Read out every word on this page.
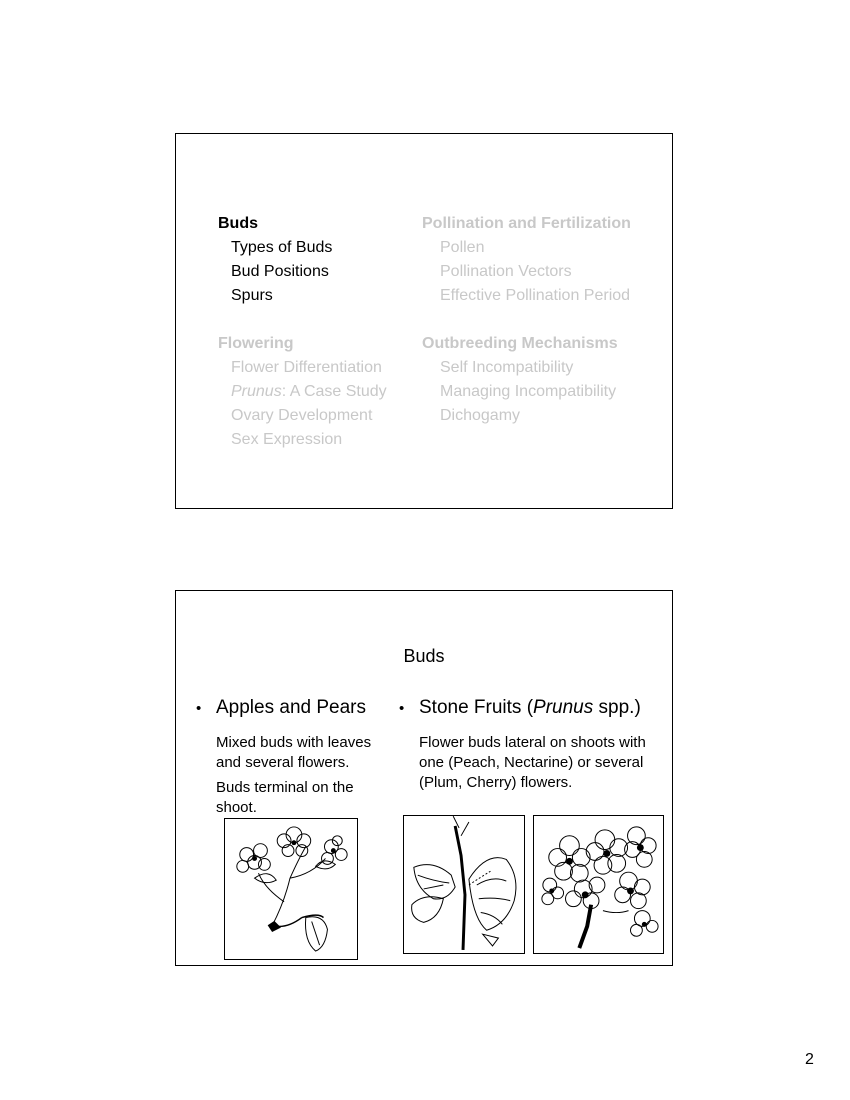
Buds
Types of Buds
Bud Positions
Spurs
Flowering
Flower Differentiation
Prunus: A Case Study
Ovary Development
Sex Expression
Pollination and Fertilization
Pollen
Pollination Vectors
Effective Pollination Period
Outbreeding Mechanisms
Self Incompatibility
Managing Incompatibility
Dichogamy
Buds
• Apples and Pears

Mixed buds with leaves and several flowers.

Buds terminal on the shoot.

• Stone Fruits (Prunus spp.)

Flower buds lateral on shoots with one (Peach, Nectarine) or several (Plum, Cherry) flowers.

2
